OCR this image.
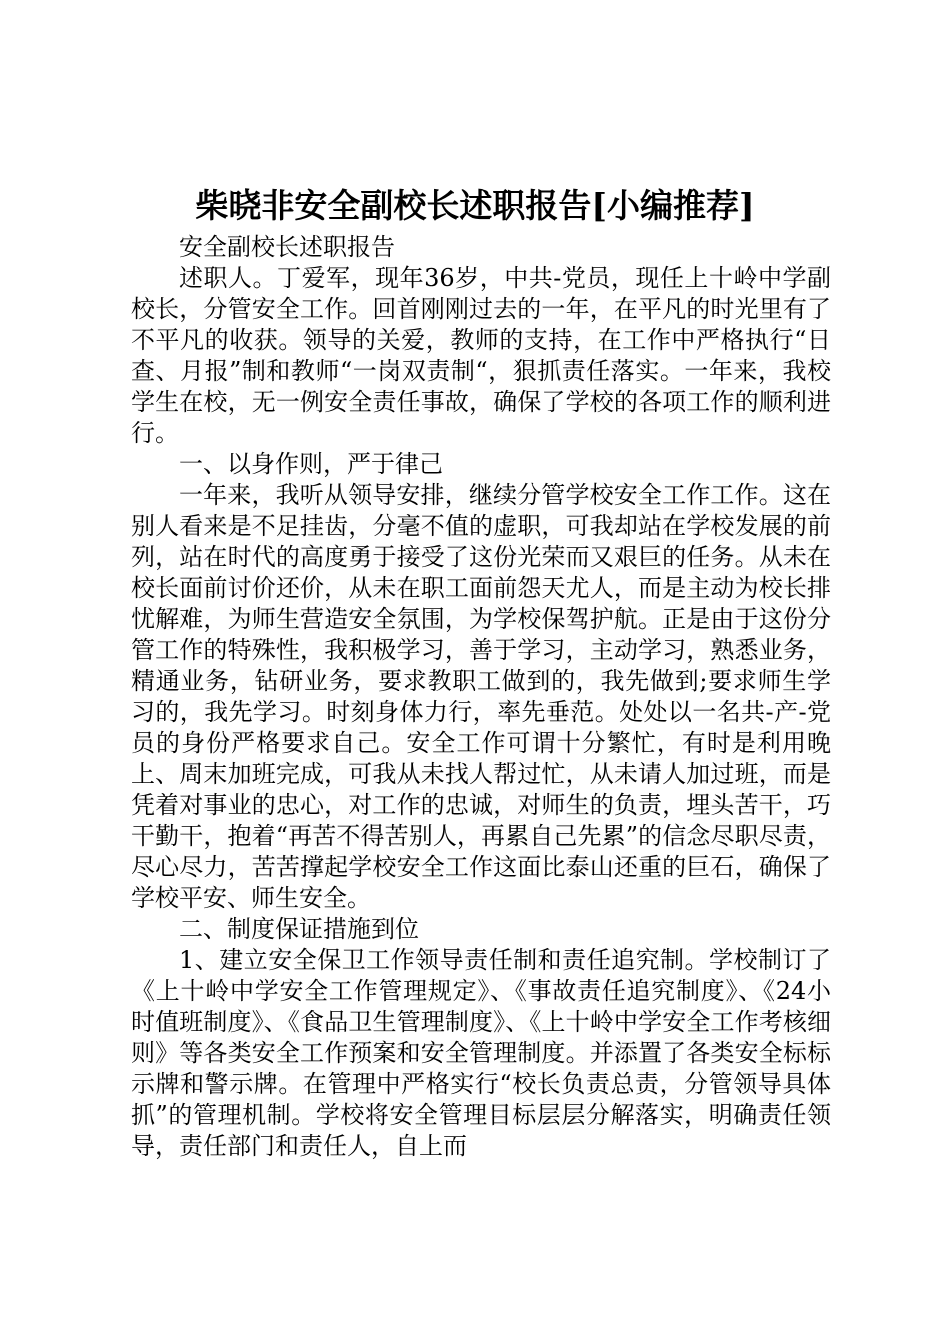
柴晓非安全副校长述职报告[小编推荐]

安全副校长述职报告

述职人。丁爱军，现年36岁，中共-党员，现任上十岭中学副校长，分管安全工作。回首刚刚过去的一年，在平凡的时光里有了不平凡的收获。领导的关爱，教师的支持，在工作中严格执行“日查、月报”制和教师“一岗双责制“，狠抓责任落实。一年来，我校学生在校，无一例安全责任事故，确保了学校的各项工作的顺利进行。

一、以身作则，严于律己

一年来，我听从领导安排，继续分管学校安全工作工作。这在别人看来是不足挂齿，分毫不值的虚职，可我却站在学校发展的前列，站在时代的高度勇于接受了这份光荣而又艰巨的任务。从未在校长面前讨价还价，从未在职工面前怨天尤人，而是主动为校长排忧解难，为师生营造安全氛围，为学校保驾护航。正是由于这份分管工作的特殊性，我积极学习，善于学习，主动学习，熟悉业务，精通业务，钻研业务，要求教职工做到的，我先做到;要求师生学习的，我先学习。时刻身体力行，率先垂范。处处以一名共-产-党员的身份严格要求自己。安全工作可谓十分繁忙，有时是利用晚上、周末加班完成，可我从未找人帮过忙，从未请人加过班，而是凭着对事业的忠心，对工作的忠诚，对师生的负责，埋头苦干，巧干勤干，抱着“再苦不得苦别人，再累自己先累”的信念尽职尽责，尽心尽力，苦苦撑起学校安全工作这面比泰山还重的巨石，确保了学校平安、师生安全。

二、制度保证措施到位

1、建立安全保卫工作领导责任制和责任追究制。学校制订了《上十岭中学安全工作管理规定》、《事故责任追究制度》、《24小时值班制度》、《食品卫生管理制度》、《上十岭中学安全工作考核细则》等各类安全工作预案和安全管理制度。并添置了各类安全标标示牌和警示牌。在管理中严格实行“校长负责总责，分管领导具体抓”的管理机制。学校将安全管理目标层层分解落实，明确责任领导，责任部门和责任人，自上而
